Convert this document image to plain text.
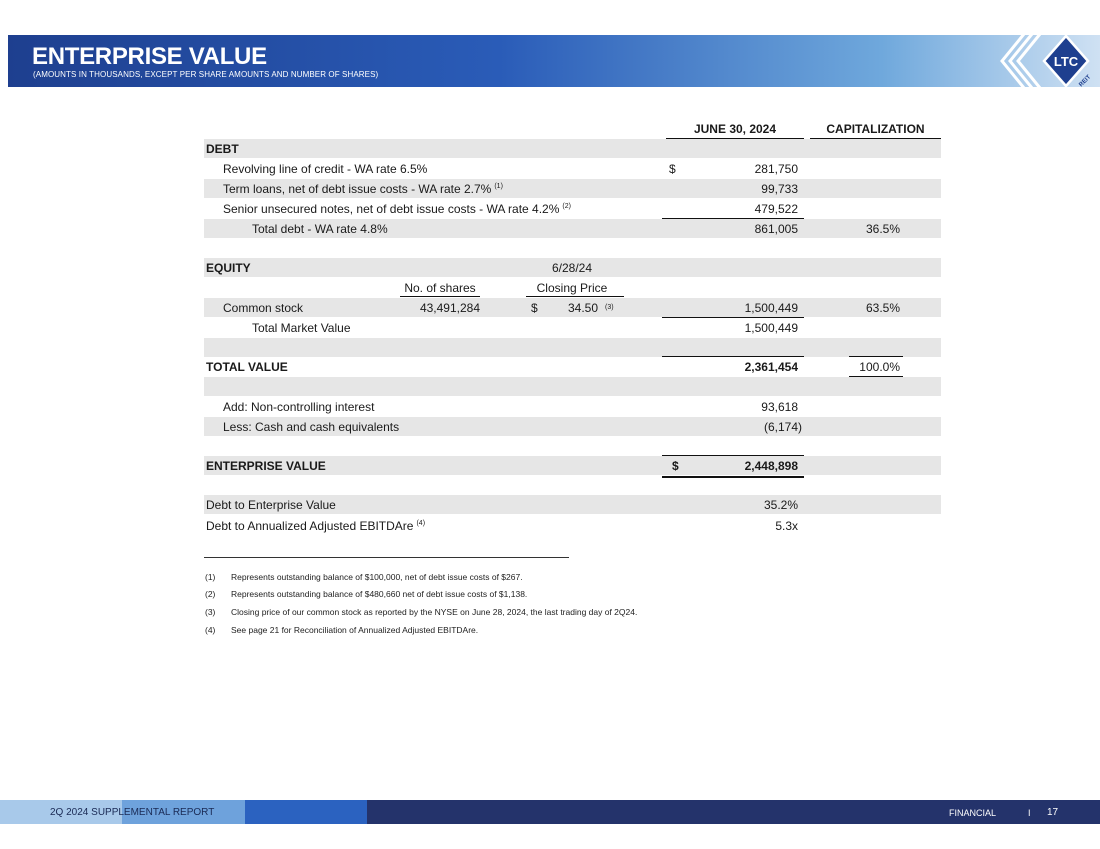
ENTERPRISE VALUE
(AMOUNTS IN THOUSANDS, EXCEPT PER SHARE AMOUNTS AND NUMBER OF SHARES)
LTC
REIT
JUNE 30, 2024	CAPITALIZATION
DEBT
Revolving line of credit - WA rate 6.5%	$	281,750
Term loans, net of debt issue costs - WA rate 2.7% $^{(1)}$	99,733
Senior unsecured notes, net of debt issue costs - WA rate 4.2% $^{(2)}$	479,522
Total debt - WA rate 4.8%	861,005	36.5%
EQUITY	6/28/24
No. of shares	Closing Price
Common stock	43,491,284	$	34.50 (3)	1,500,449	63.5%
Total Market Value	1,500,449
TOTAL VALUE	2,361,454	100.0%
Add: Non-controlling interest	93,618
Less: Cash and cash equivalents	(6,174)
ENTERPRISE VALUE	$	2,448,898
Debt to Enterprise Value	35.2%
Debt to Annualized Adjusted EBITDAre $^{(4)}$	5.3x
(1) Represents outstanding balance of $100,000, net of debt issue costs of $267.
(2) Represents outstanding balance of $480,660 net of debt issue costs of $1,138.
(3) Closing price of our common stock as reported by the NYSE on June 28, 2024, the last trading day of 2Q24.
(4) See page 21 for Reconciliation of Annualized Adjusted EBITDAre.
2Q 2024 SUPPLEMENTAL REPORT	FINANCIAL	I 17
